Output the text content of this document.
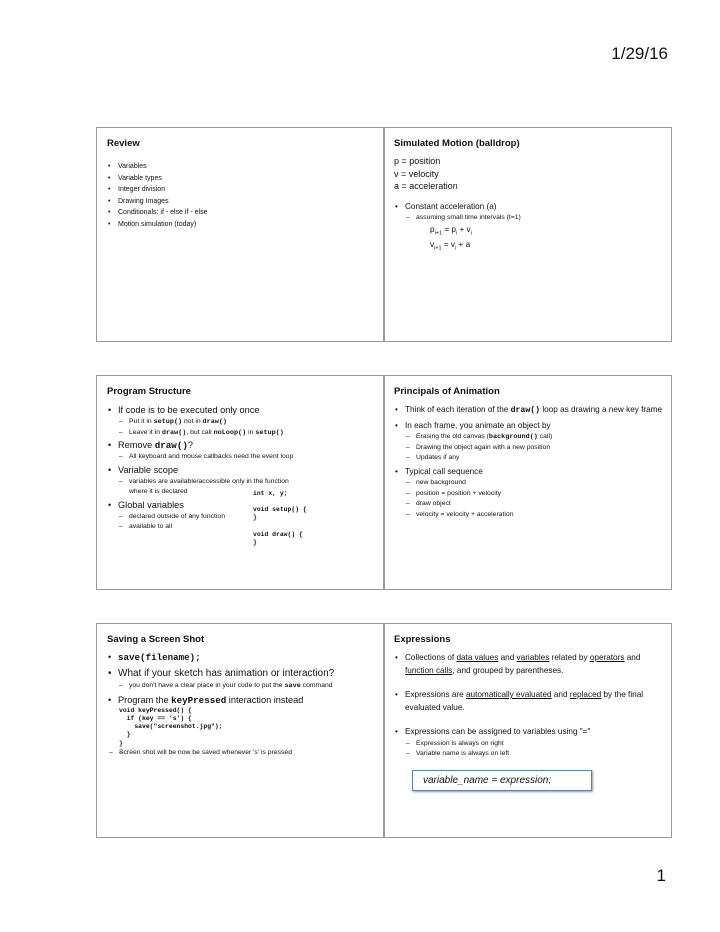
1/29/16
Review
• Variables
• Variable types
• Integer division
• Drawing Images
• Conditionals: if - else if - else
• Motion simulation (today)
Simulated Motion (balldrop)
p = position
v = velocity
a = acceleration
• Constant acceleration (a)
– assuming small time intervals (t=1)
$p_{i+1} = p_i + v_i$
$v_{i+1} = v_i + a$
Program Structure
• If code is to be executed only once
– Put it in setup() not in draw()
– Leave it in draw(), but call noLoop() in setup()
• Remove draw()?
– All keyboard and mouse callbacks need the event loop
• Variable scope
– variables are available/accessible only in the function where it is declared
• Global variables
– declared outside of any function
– available to all
int x, y;

void setup() {
}

void draw() {
}
Principals of Animation
• Think of each iteration of the draw() loop as drawing a new key frame
• In each frame, you animate an object by
– Erasing the old canvas (background() call)
– Drawing the object again with a new position
– Updates if any
• Typical call sequence
– new background
– position = position + velocity
– draw object
– velocity = velocity + acceleration
Saving a Screen Shot
• save(filename);
• What if your sketch has animation or interaction?
– you don't have a clear place in your code to put the save command
• Program the keyPressed interaction instead
void keyPressed() {
if (key == 's') {
save("screenshot.jpg");
}
}
– – Screen shot will be now be saved whenever 's' is pressed
Expressions
• Collections of data values and variables related by operators and function calls, and grouped by parentheses.
• Expressions are automatically evaluated and replaced by the final evaluated value.
• Expressions can be assigned to variables using "="
– Expression is always on right
– Variable name is always on left
variable_name = expression;
1
